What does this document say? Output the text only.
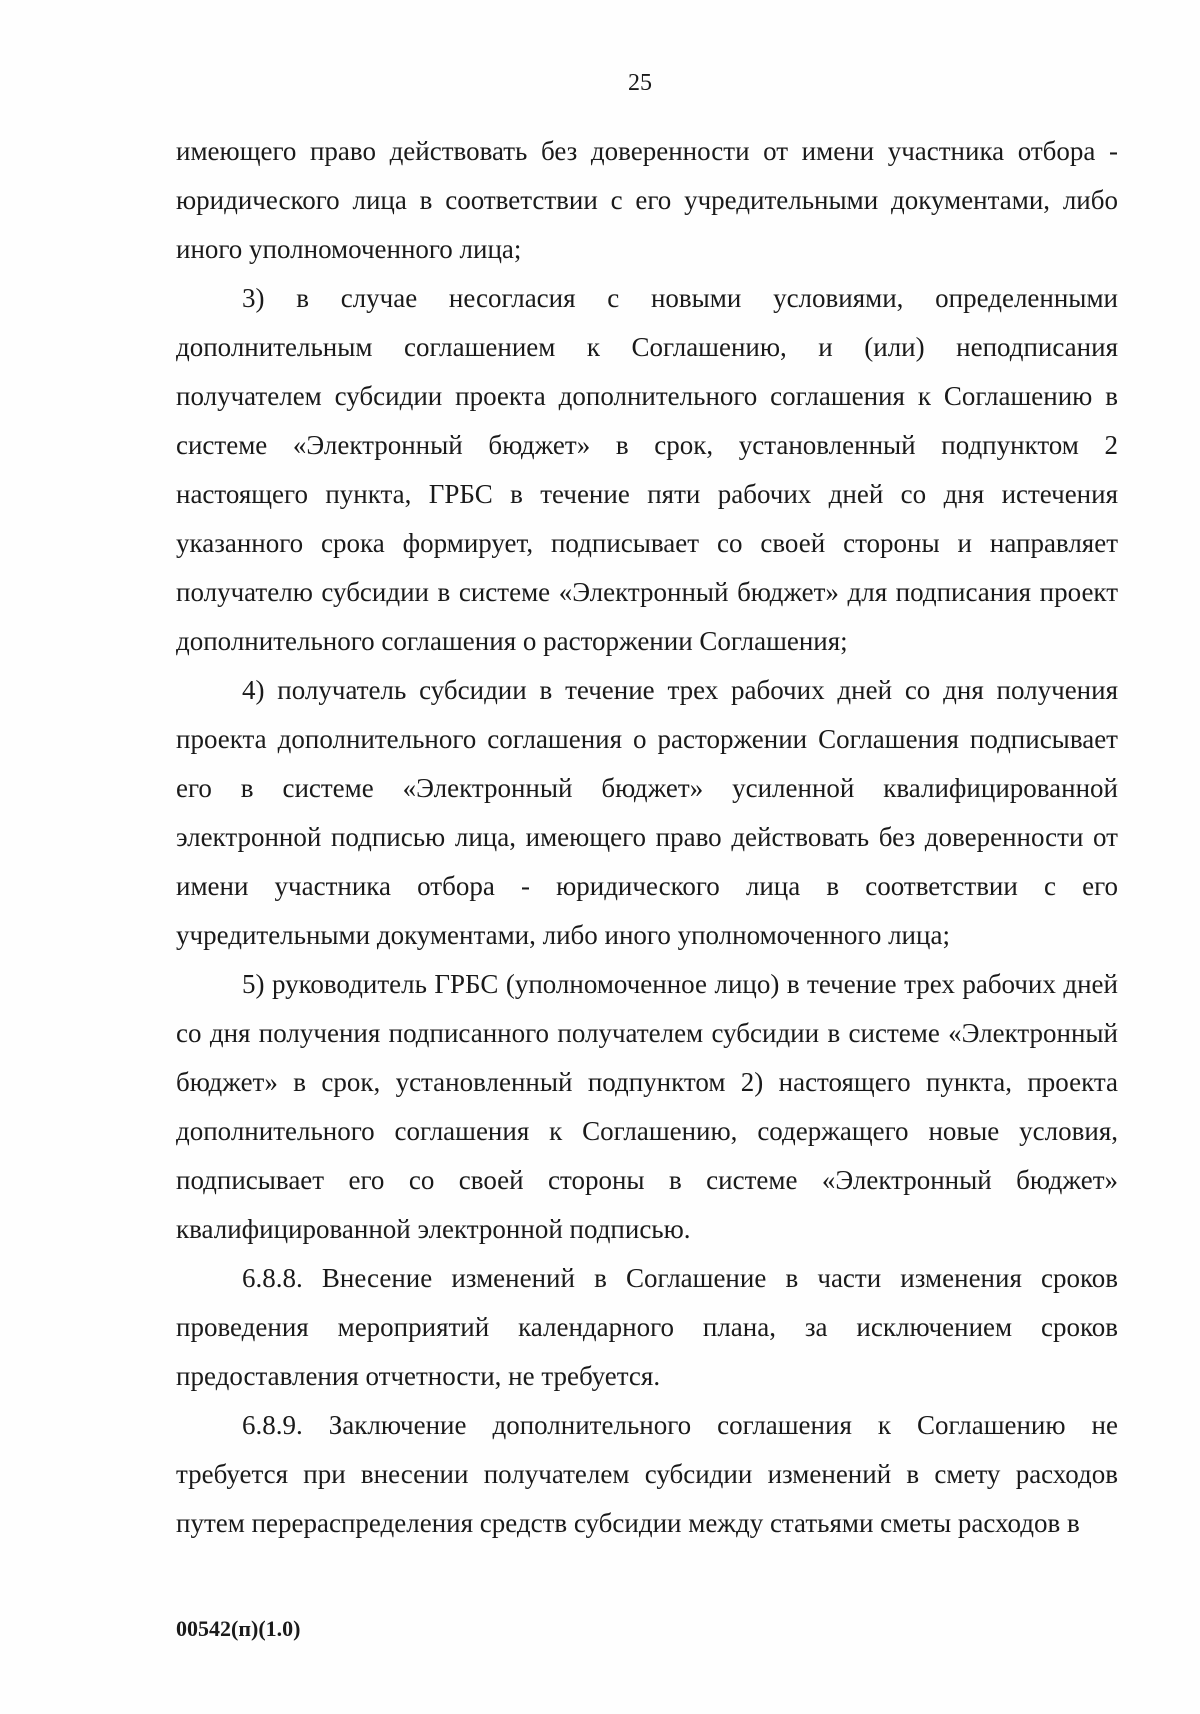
25

имеющего право действовать без доверенности от имени участника отбора - юридического лица в соответствии с его учредительными документами, либо иного уполномоченного лица;

3) в случае несогласия с новыми условиями, определенными дополнительным соглашением к Соглашению, и (или) неподписания получателем субсидии проекта дополнительного соглашения к Соглашению в системе «Электронный бюджет» в срок, установленный подпунктом 2 настоящего пункта, ГРБС в течение пяти рабочих дней со дня истечения указанного срока формирует, подписывает со своей стороны и направляет получателю субсидии в системе «Электронный бюджет» для подписания проект дополнительного соглашения о расторжении Соглашения;

4) получатель субсидии в течение трех рабочих дней со дня получения проекта дополнительного соглашения о расторжении Соглашения подписывает его в системе «Электронный бюджет» усиленной квалифицированной электронной подписью лица, имеющего право действовать без доверенности от имени участника отбора - юридического лица в соответствии с его учредительными документами, либо иного уполномоченного лица;

5) руководитель ГРБС (уполномоченное лицо) в течение трех рабочих дней со дня получения подписанного получателем субсидии в системе «Электронный бюджет» в срок, установленный подпунктом 2) настоящего пункта, проекта дополнительного соглашения к Соглашению, содержащего новые условия, подписывает его со своей стороны в системе «Электронный бюджет» квалифицированной электронной подписью.

6.8.8. Внесение изменений в Соглашение в части изменения сроков проведения мероприятий календарного плана, за исключением сроков предоставления отчетности, не требуется.

6.8.9. Заключение дополнительного соглашения к Соглашению не требуется при внесении получателем субсидии изменений в смету расходов путем перераспределения средств субсидии между статьями сметы расходов в

00542(п)(1.0)
